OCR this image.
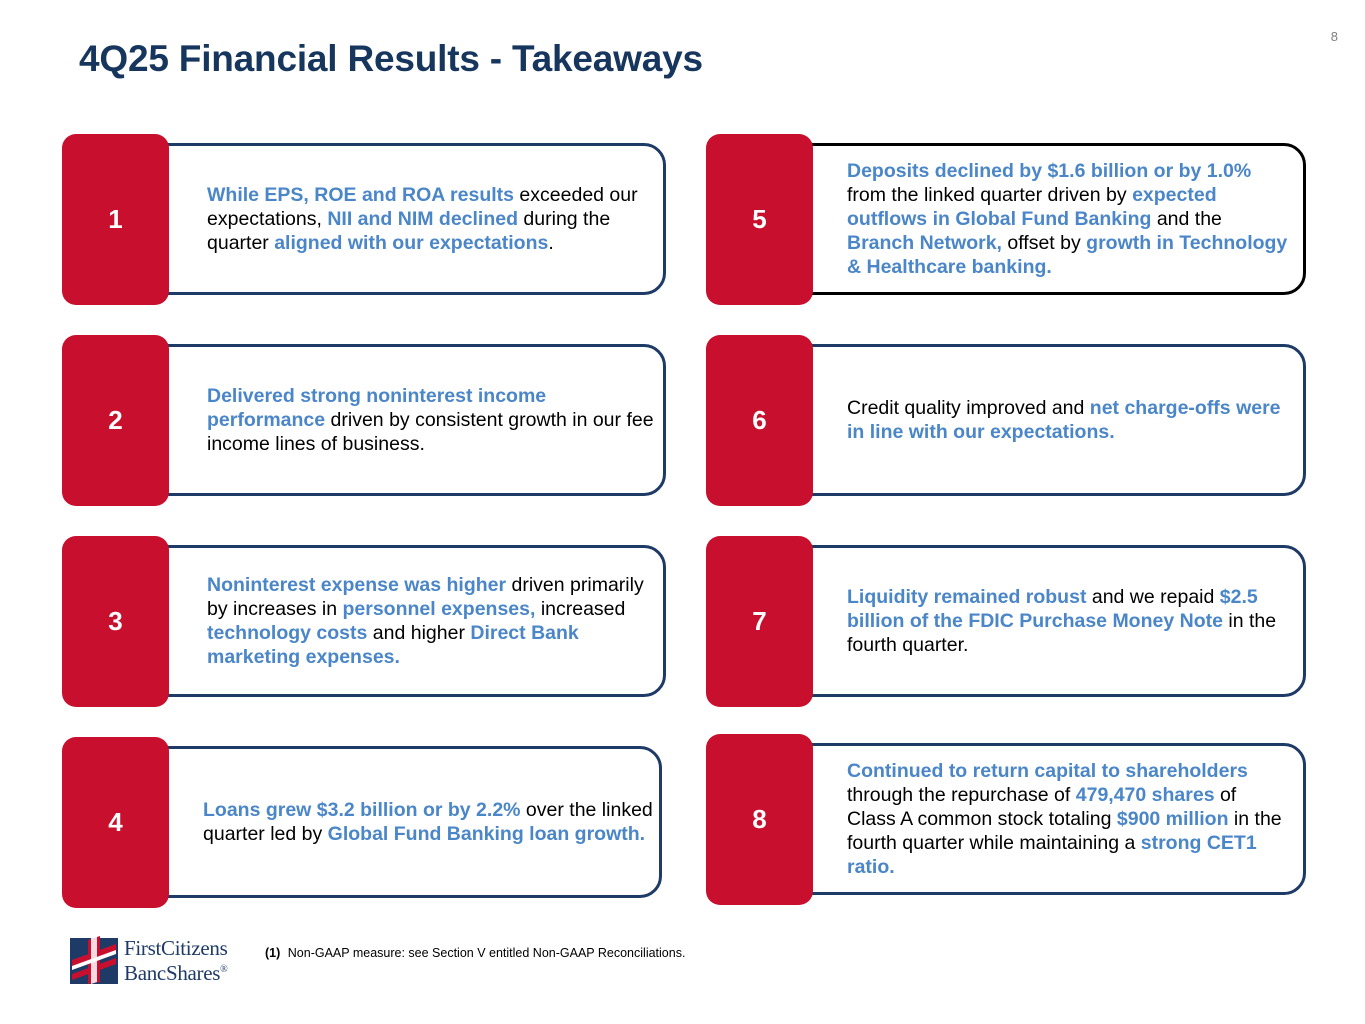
8
4Q25 Financial Results - Takeaways
1

While EPS, ROE and ROA results exceeded our expectations, NII and NIM declined during the quarter aligned with our expectations.

2

Delivered strong noninterest income performance driven by consistent growth in our fee income lines of business.

3

Noninterest expense was higher driven primarily by increases in personnel expenses, increased technology costs and higher Direct Bank marketing expenses.

4	Loans grew $3.2 billion or by 2.2% over the linked quarter led by Global Fund Banking loan growth.

5

Deposits declined by $1.6 billion or by 1.0% from the linked quarter driven by expected outflows in Global Fund Banking and the Branch Network, offset by growth in Technology & Healthcare banking.

6	Credit quality improved and net charge-offs were in line with our expectations.

7

Liquidity remained robust and we repaid $2.5 billion of the FDIC Purchase Money Note in the fourth quarter.

8

Continued to return capital to shareholders through the repurchase of 479,470 shares of Class A common stock totaling $900 million in the fourth quarter while maintaining a strong CET1 ratio.

FirstCitizens
BancShares®
(1) Non-GAAP measure: see Section V entitled Non-GAAP Reconciliations.
